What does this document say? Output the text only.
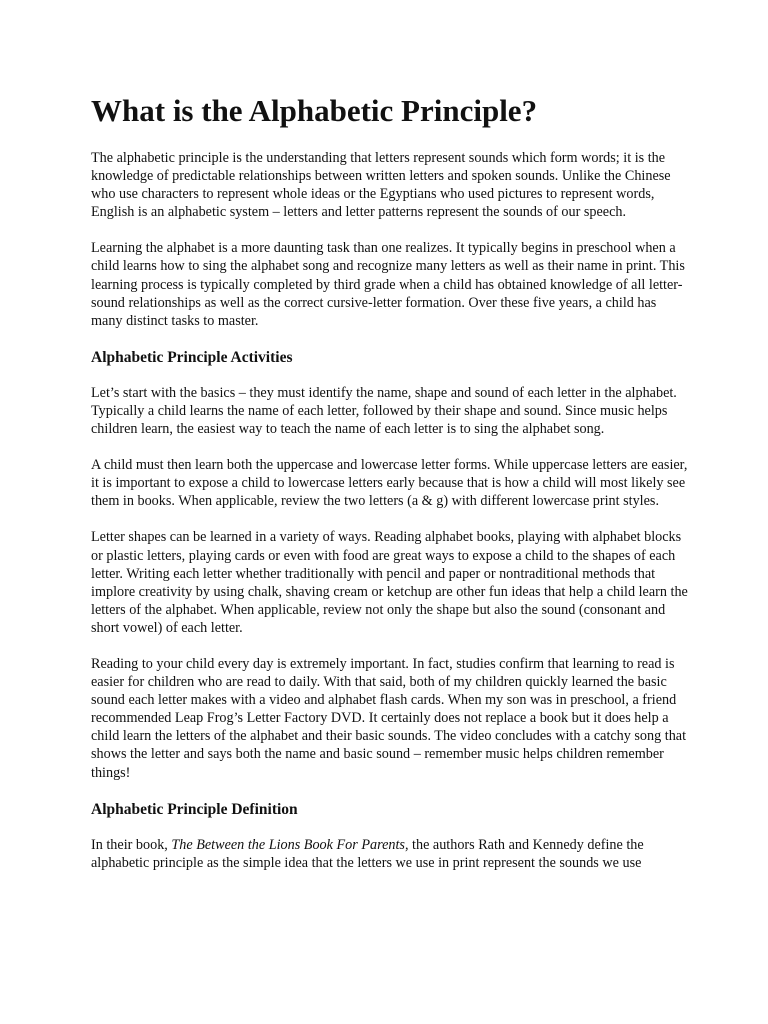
What is the Alphabetic Principle?

The alphabetic principle is the understanding that letters represent sounds which form words; it is the knowledge of predictable relationships between written letters and spoken sounds. Unlike the Chinese who use characters to represent whole ideas or the Egyptians who used pictures to represent words, English is an alphabetic system – letters and letter patterns represent the sounds of our speech.

Learning the alphabet is a more daunting task than one realizes. It typically begins in preschool when a child learns how to sing the alphabet song and recognize many letters as well as their name in print. This learning process is typically completed by third grade when a child has obtained knowledge of all letter-sound relationships as well as the correct cursive-letter formation. Over these five years, a child has many distinct tasks to master.

Alphabetic Principle Activities

Let’s start with the basics – they must identify the name, shape and sound of each letter in the alphabet. Typically a child learns the name of each letter, followed by their shape and sound. Since music helps children learn, the easiest way to teach the name of each letter is to sing the alphabet song.

A child must then learn both the uppercase and lowercase letter forms. While uppercase letters are easier, it is important to expose a child to lowercase letters early because that is how a child will most likely see them in books. When applicable, review the two letters (a & g) with different lowercase print styles.

Letter shapes can be learned in a variety of ways. Reading alphabet books, playing with alphabet blocks or plastic letters, playing cards or even with food are great ways to expose a child to the shapes of each letter. Writing each letter whether traditionally with pencil and paper or nontraditional methods that implore creativity by using chalk, shaving cream or ketchup are other fun ideas that help a child learn the letters of the alphabet. When applicable, review not only the shape but also the sound (consonant and short vowel) of each letter.

Reading to your child every day is extremely important. In fact, studies confirm that learning to read is easier for children who are read to daily. With that said, both of my children quickly learned the basic sound each letter makes with a video and alphabet flash cards. When my son was in preschool, a friend recommended Leap Frog’s Letter Factory DVD. It certainly does not replace a book but it does help a child learn the letters of the alphabet and their basic sounds. The video concludes with a catchy song that shows the letter and says both the name and basic sound – remember music helps children remember things!

Alphabetic Principle Definition

In their book, The Between the Lions Book For Parents, the authors Rath and Kennedy define the alphabetic principle as the simple idea that the letters we use in print represent the sounds we use
